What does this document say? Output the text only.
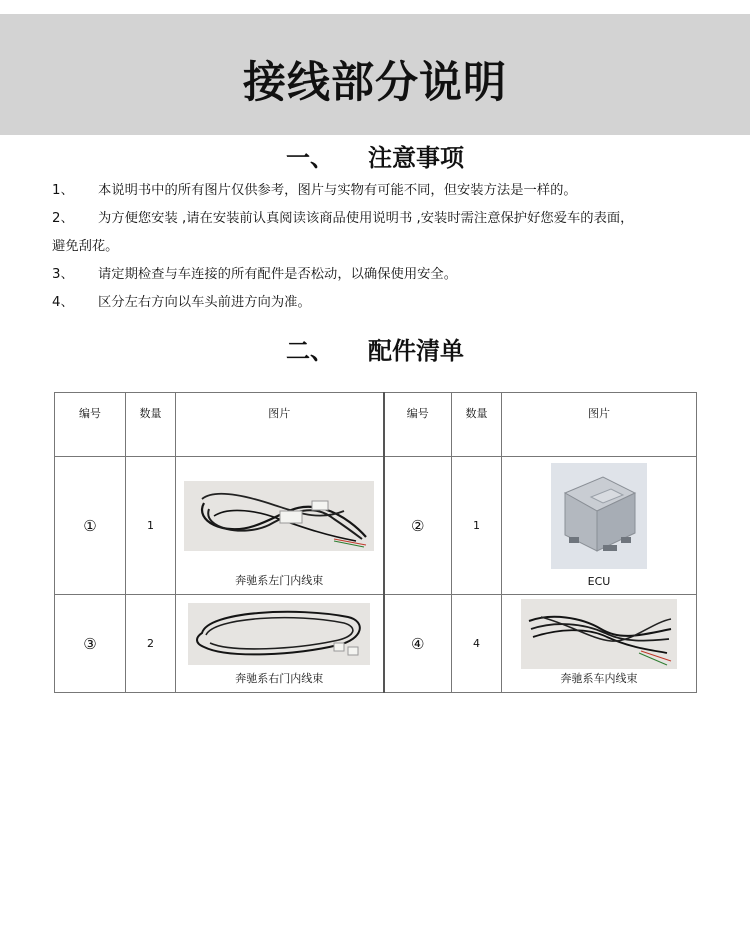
接线部分说明
一、 注意事项
1、 本说明书中的所有图片仅供参考，图片与实物有可能不同，但安装方法是一样的。
2、 为方便您安装 ,请在安装前认真阅读该商品使用说明书 ,安装时需注意保护好您爱车的表面，
避免刮花。
3、 请定期检查与车连接的所有配件是否松动，以确保使用安全。
4、 区分左右方向以车头前进方向为准。
二、 配件清单
编号	数量	图片	编号	数量	图片
①	1	奔驰系左门内线束	②	1	ECU

③	2	奔驰系右门内线束	④	4	奔驰系车内线束
